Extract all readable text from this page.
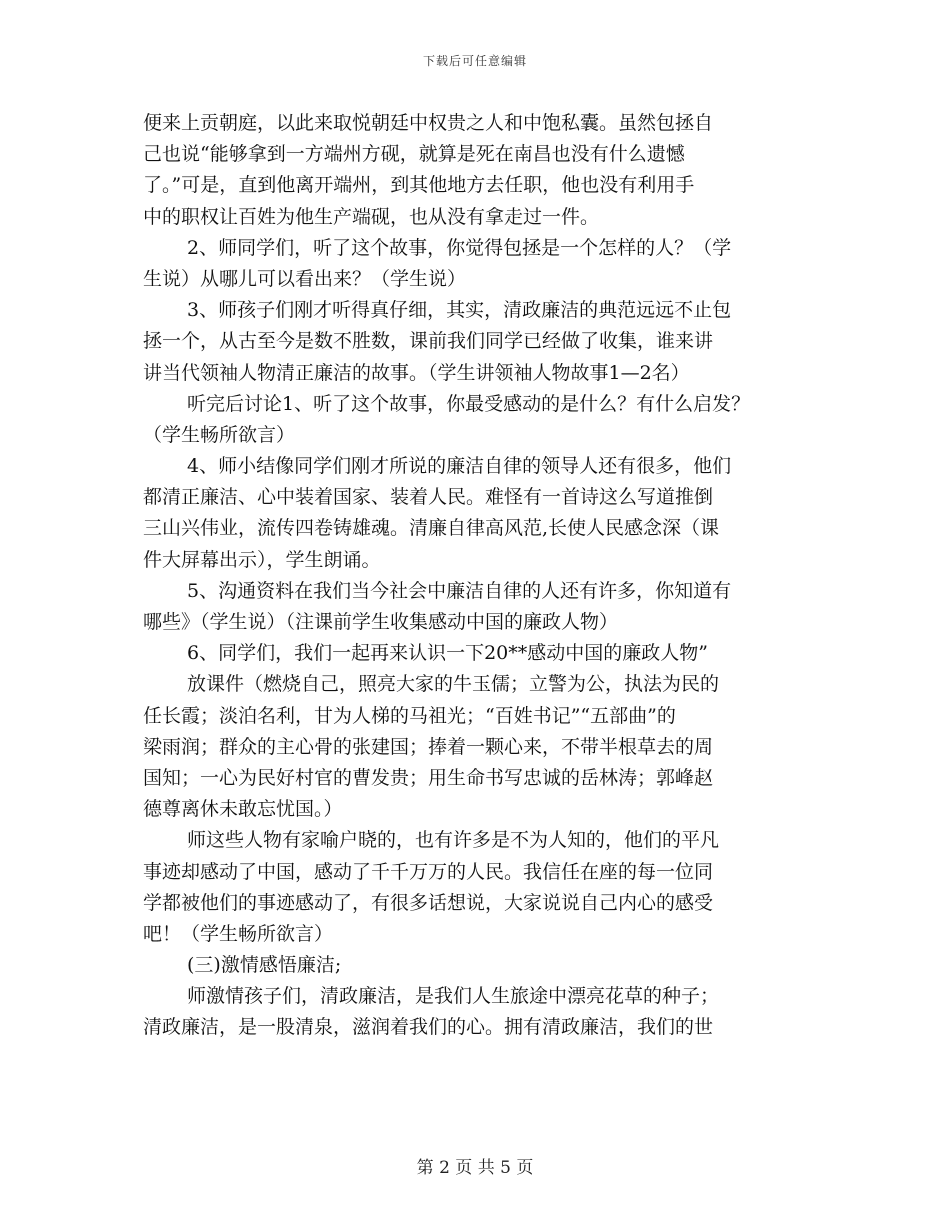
下载后可任意编辑
便来上贡朝庭，以此来取悦朝廷中权贵之人和中饱私囊。虽然包拯自
己也说“能够拿到一方端州方砚，就算是死在南昌也没有什么遗憾
了。”可是，直到他离开端州，到其他地方去任职，他也没有利用手
中的职权让百姓为他生产端砚，也从没有拿走过一件。
2、师同学们，听了这个故事，你觉得包拯是一个怎样的人？（学
生说）从哪儿可以看出来？（学生说）
3、师孩子们刚才听得真仔细，其实，清政廉洁的典范远远不止包
拯一个，从古至今是数不胜数，课前我们同学已经做了收集，谁来讲
讲当代领袖人物清正廉洁的故事。（学生讲领袖人物故事1—2名）
听完后讨论1、听了这个故事，你最受感动的是什么？有什么启发？
（学生畅所欲言）
4、师小结像同学们刚才所说的廉洁自律的领导人还有很多，他们
都清正廉洁、心中装着国家、装着人民。难怪有一首诗这么写道推倒
三山兴伟业，流传四卷铸雄魂。清廉自律高风范,长使人民感念深（课
件大屏幕出示），学生朗诵。
5、沟通资料在我们当今社会中廉洁自律的人还有许多，你知道有
哪些》（学生说）（注课前学生收集感动中国的廉政人物）
6、同学们，我们一起再来认识一下20**感动中国的廉政人物”
放课件（燃烧自己，照亮大家的牛玉儒；立警为公，执法为民的
任长霞；淡泊名利，甘为人梯的马祖光；“百姓书记”“五部曲”的
梁雨润；群众的主心骨的张建国；捧着一颗心来，不带半根草去的周
国知；一心为民好村官的曹发贵；用生命书写忠诚的岳林涛；郭峰赵
德尊离休未敢忘忧国。）
师这些人物有家喻户晓的，也有许多是不为人知的，他们的平凡
事迹却感动了中国，感动了千千万万的人民。我信任在座的每一位同
学都被他们的事迹感动了，有很多话想说，大家说说自己内心的感受
吧！（学生畅所欲言）
(三)激情感悟廉洁;
师激情孩子们，清政廉洁，是我们人生旅途中漂亮花草的种子；
清政廉洁，是一股清泉，滋润着我们的心。拥有清政廉洁，我们的世
第 2 页 共 5 页
